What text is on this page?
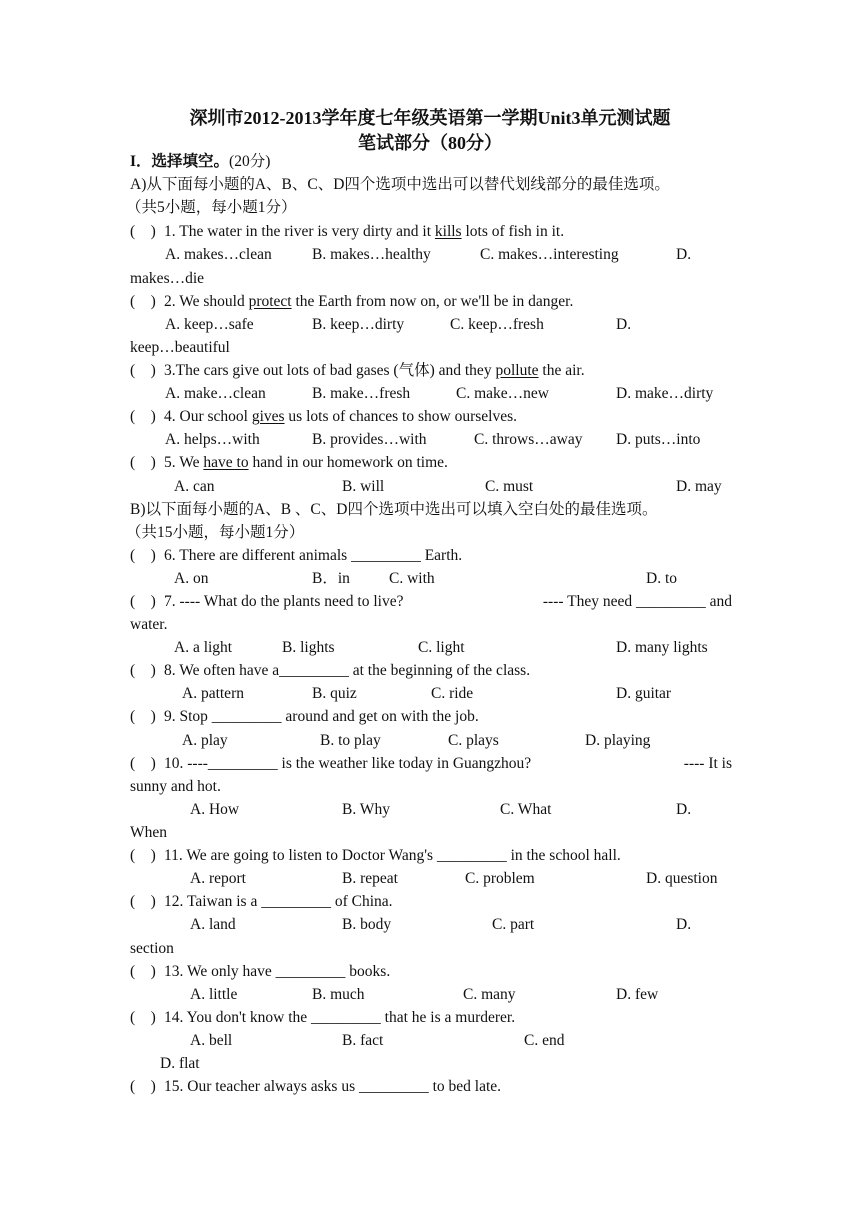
深圳市2012-2013学年度七年级英语第一学期Unit3单元测试题
笔试部分（80分）
I．选择填空。(20分)
A)从下面每小题的A、B、C、D四个选项中选出可以替代划线部分的最佳选项。
（共5小题，每小题1分）
(    ) 1. The water in the river is very dirty and it kills lots of fish in it.
A. makes…clean	B. makes…healthy	C. makes…interesting	D.
makes…die
(    ) 2. We should protect the Earth from now on, or we'll be in danger.
A. keep…safe	B. keep…dirty	C. keep…fresh	D.
keep…beautiful
(    ) 3.The cars give out lots of bad gases (气体) and they pollute the air.
A. make…clean	B. make…fresh	C. make…new	D. make…dirty
(    ) 4. Our school gives us lots of chances to show ourselves.
A. helps…with	B. provides…with	C. throws…away D. puts…into
(    ) 5. We have to hand in our homework on time.
A. can	B. will	C. must	D. may
B)以下面每小题的A、B 、C、D四个选项中选出可以填入空白处的最佳选项。
（共15小题，每小题1分）
(    ) 6. There are different animals _________ Earth.
A. on	B．in	C. with	D. to
(    ) 7. ---- What do the plants need to live?	---- They need _________ and
water.
A. a light	B. lights	C. light	D. many lights
(    ) 8. We often have a_________ at the beginning of the class.
A. pattern	B. quiz	C. ride	D. guitar
(    ) 9. Stop _________ around and get on with the job.
A. play	B. to play	C. plays	D. playing
(    ) 10. ----_________ is the weather like today in Guangzhou?	---- It is
sunny and hot.
A. How	B. Why	C. What	D.
When
(    ) 11. We are going to listen to Doctor Wang's _________ in the school hall.
A. report	B. repeat	C. problem	D. question
(    ) 12. Taiwan is a _________ of China.
A. land	B. body	C. part	D.
section
(    ) 13. We only have _________ books.
A. little	B. much	C. many	D. few
(    ) 14. You don't know the _________ that he is a murderer.
A. bell	B. fact	C. end
D. flat
(    ) 15. Our teacher always asks us _________ to bed late.
